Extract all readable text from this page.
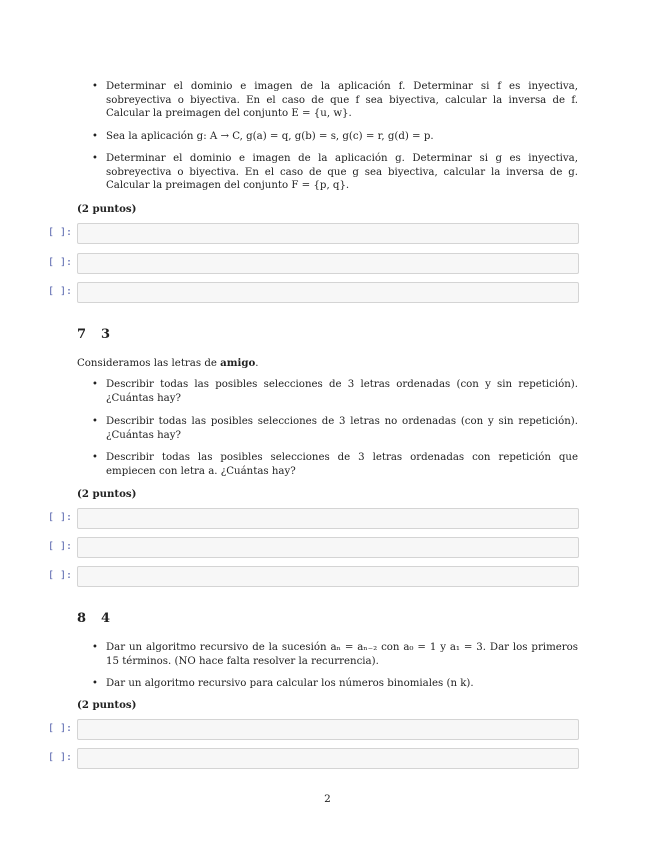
• Determinar el dominio e imagen de la aplicación f. Determinar si f es inyectiva, sobreyectiva o biyectiva. En el caso de que f sea biyectiva, calcular la inversa de f. Calcular la preimagen del conjunto E = {u, w}.
• Sea la aplicación g: A → C, g(a) = q, g(b) = s, g(c) = r, g(d) = p.
• Determinar el dominio e imagen de la aplicación g. Determinar si g es inyectiva, sobreyectiva o biyectiva. En el caso de que g sea biyectiva, calcular la inversa de g. Calcular la preimagen del conjunto F = {p, q}.
(2 puntos)
[ ]:
[ ]:
[ ]:
7 3
Consideramos las letras de amigo.
• Describir todas las posibles selecciones de 3 letras ordenadas (con y sin repetición).¿Cuántas hay?
• Describir todas las posibles selecciones de 3 letras no ordenadas (con y sin repetición). ¿Cuántas hay?
• Describir todas las posibles selecciones de 3 letras ordenadas con repetición que empiecen con letra a. ¿Cuántas hay?
(2 puntos)
[ ]:
[ ]:
[ ]:
8 4
• Dar un algoritmo recursivo de la sucesión aₙ = aₙ₋₂ con a₀ = 1 y a₁ = 3. Dar los primeros 15 términos. (NO hace falta resolver la recurrencia).
• Dar un algoritmo recursivo para calcular los números binomiales (n k).
(2 puntos)
[ ]:
[ ]:
2
